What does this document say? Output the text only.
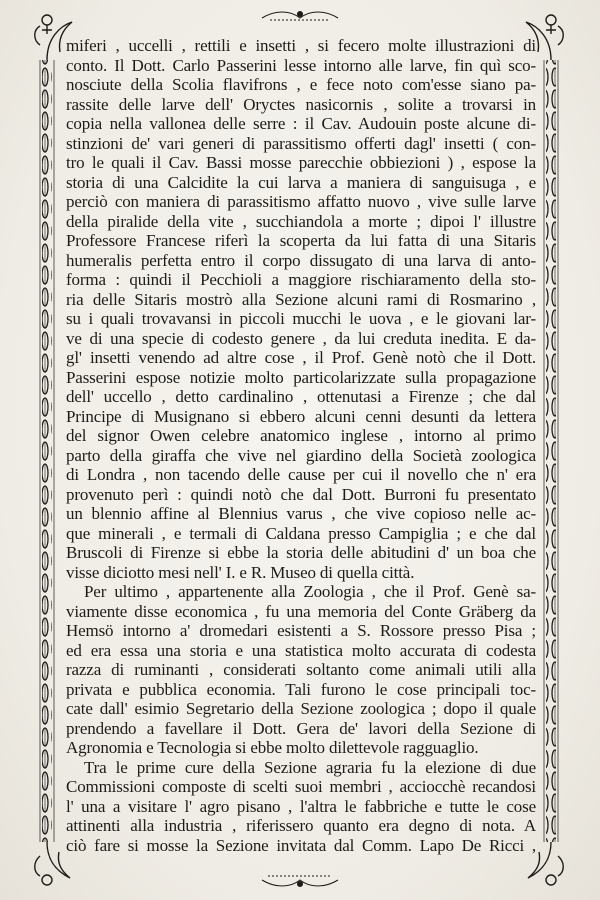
miferi , uccelli , rettili e insetti , si fecero molte illustrazioni di
conto. Il Dott. Carlo Passerini lesse intorno alle larve, fin quì sco-
nosciute della Scolia flavifrons , e fece noto com'esse siano pa-
rassite delle larve dell' Oryctes nasicornis , solite a trovarsi in
copia nella vallonea delle serre : il Cav. Audouin poste alcune di-
stinzioni de' vari generi di parassitismo offerti dagl' insetti ( con-
tro le quali il Cav. Bassi mosse parecchie obbiezioni ) , espose la
storia di una Calcidite la cui larva a maniera di sanguisuga , e
perciò con maniera di parassitismo affatto nuovo , vive sulle larve
della piralide della vite , succhiandola a morte ; dipoi l' illustre
Professore Francese riferì la scoperta da lui fatta di una Sitaris
humeralis perfetta entro il corpo dissugato di una larva di anto-
forma : quindi il Pecchioli a maggiore rischiaramento della sto-
ria delle Sitaris mostrò alla Sezione alcuni rami di Rosmarino ,
su i quali trovavansi in piccoli mucchi le uova , e le giovani lar-
ve di una specie di codesto genere , da lui creduta inedita. E da-
gl' insetti venendo ad altre cose , il Prof. Genè notò che il Dott.
Passerini espose notizie molto particolarizzate sulla propagazione
dell' uccello , detto cardinalino , ottenutasi a Firenze ; che dal
Principe di Musignano si ebbero alcuni cenni desunti da lettera
del signor Owen celebre anatomico inglese , intorno al primo
parto della giraffa che vive nel giardino della Società zoologica
di Londra , non tacendo delle cause per cui il novello che n' era
provenuto perì : quindi notò che dal Dott. Burroni fu presentato
un blennio affine al Blennius varus , che vive copioso nelle ac-
que minerali , e termali di Caldana presso Campiglia ; e che dal
Bruscoli di Firenze si ebbe la storia delle abitudini d' un boa che
visse diciotto mesi nell' I. e R. Museo di quella città.
Per ultimo , appartenente alla Zoologia , che il Prof. Genè sa-
viamente disse economica , fu una memoria del Conte Gräberg da
Hemsö intorno a' dromedari esistenti a S. Rossore presso Pisa ;
ed era essa una storia e una statistica molto accurata di codesta
razza di ruminanti , considerati soltanto come animali utili alla
privata e pubblica economia. Tali furono le cose principali toc-
cate dall' esimio Segretario della Sezione zoologica ; dopo il quale
prendendo a favellare il Dott. Gera de' lavori della Sezione di
Agronomia e Tecnologia si ebbe molto dilettevole ragguaglio.
Tra le prime cure della Sezione agraria fu la elezione di due
Commissioni composte di scelti suoi membri , acciocchè recandosi
l' una a visitare l' agro pisano , l'altra le fabbriche e tutte le cose
attinenti alla industria , riferissero quanto era degno di nota. A
ciò fare si mosse la Sezione invitata dal Comm. Lapo De Ricci ,
